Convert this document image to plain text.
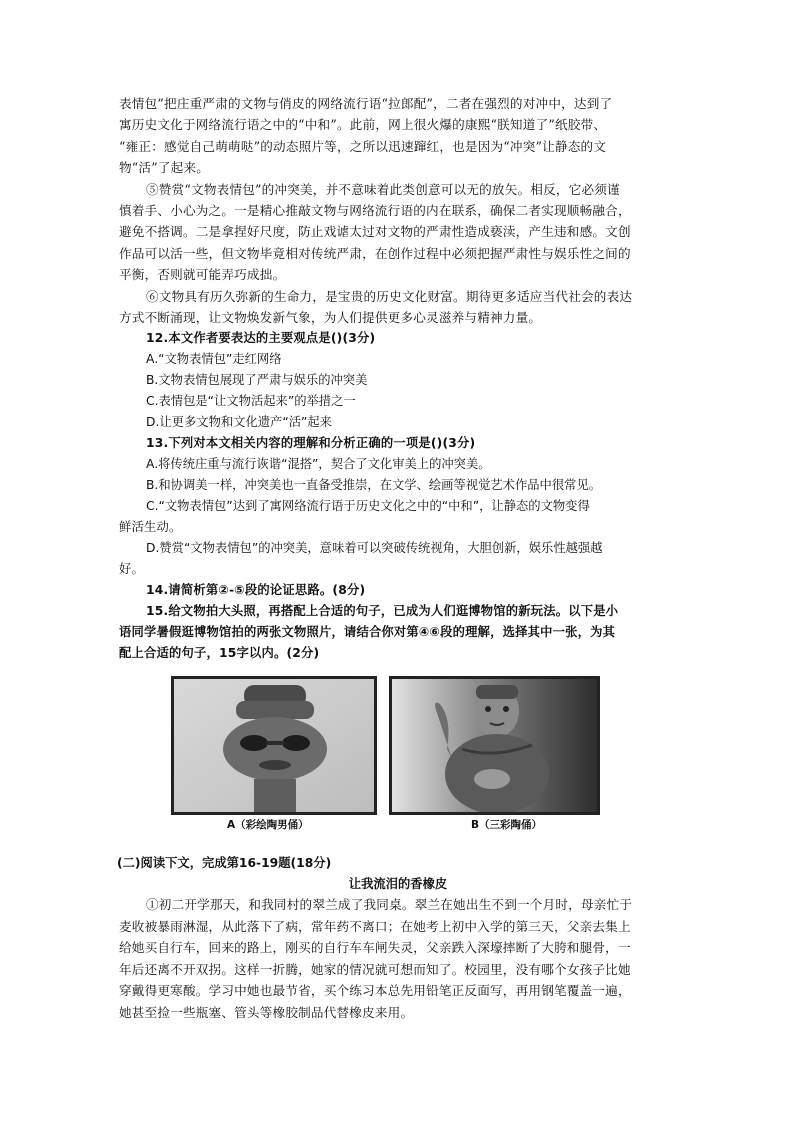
表情包”把庄重严肃的文物与俏皮的网络流行语“拉郎配”，二者在强烈的对冲中，达到了
寓历史文化于网络流行语之中的“中和”。此前，网上很火爆的康熙“朕知道了”纸胶带、
“雍正：感觉自己萌萌哒”的动态照片等，之所以迅速蹿红，也是因为“冲突”让静态的文
物“活”了起来。
⑤赞赏“文物表情包”的冲突美，并不意味着此类创意可以无的放矢。相反，它必须谨
慎着手、小心为之。一是精心推敲文物与网络流行语的内在联系，确保二者实现顺畅融合，
避免不搭调。二是拿捏好尺度，防止戏谑太过对文物的严肃性造成亵渎，产生违和感。文创
作品可以活一些，但文物毕竟相对传统严肃，在创作过程中必须把握严肃性与娱乐性之间的
平衡，否则就可能弄巧成拙。
⑥文物具有历久弥新的生命力，是宝贵的历史文化财富。期待更多适应当代社会的表达
方式不断涌现，让文物焕发新气象，为人们提供更多心灵滋养与精神力量。
12.本文作者要表达的主要观点是()(3分)
A.“文物表情包”走红网络
B.文物表情包展现了严肃与娱乐的冲突美
C.表情包是“让文物活起来”的举措之一
D.让更多文物和文化遗产“活”起来
13.下列对本文相关内容的理解和分析正确的一项是()(3分)
A.将传统庄重与流行诙谐“混搭”，契合了文化审美上的冲突美。
B.和协调美一样，冲突美也一直备受推崇，在文学、绘画等视觉艺术作品中很常见。
C.“文物表情包”达到了寓网络流行语于历史文化之中的“中和”，让静态的文物变得
鲜活生动。
D.赞赏“文物表情包”的冲突美，意味着可以突破传统视角，大胆创新，娱乐性越强越
好。
14.请简析第②-⑤段的论证思路。(8分)
15.给文物拍大头照，再搭配上合适的句子，已成为人们逛博物馆的新玩法。以下是小
语同学暑假逛博物馆拍的两张文物照片，请结合你对第④⑥段的理解，选择其中一张，为其
配上合适的句子，15字以内。(2分)
A（彩绘陶男俑）	B（三彩陶俑）
(二)阅读下文，完成第16-19题(18分)
让我流泪的香橡皮
①初二开学那天，和我同村的翠兰成了我同桌。翠兰在她出生不到一个月时，母亲忙于
麦收被暴雨淋湿，从此落下了病，常年药不离口；在她考上初中入学的第三天，父亲去集上
给她买自行车，回来的路上，刚买的自行车车闸失灵，父亲跌入深壕摔断了大胯和腿骨，一
年后还离不开双拐。这样一折腾，她家的情况就可想而知了。校园里，没有哪个女孩子比她
穿戴得更寒酸。学习中她也最节省，买个练习本总先用铅笔正反面写，再用钢笔覆盖一遍，
她甚至捡一些瓶塞、管头等橡胶制品代替橡皮来用。
